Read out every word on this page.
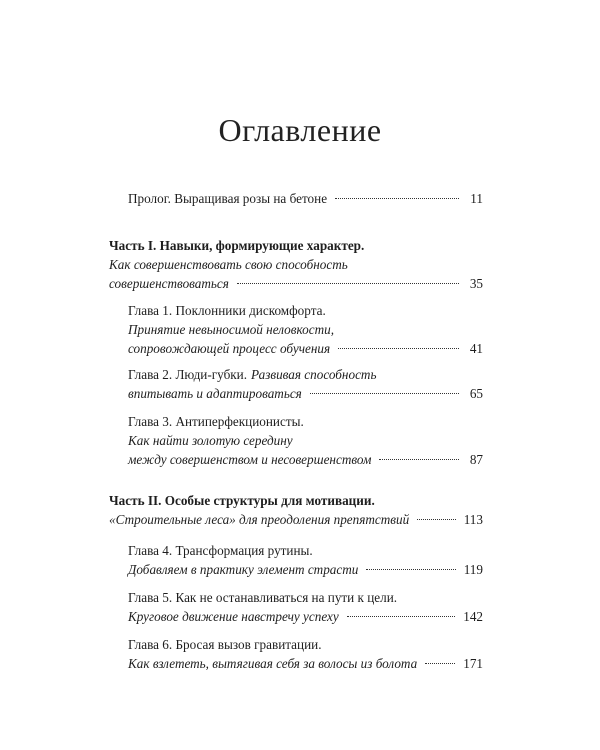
Оглавление
Пролог. Выращивая розы на бетоне	11
Часть I. Навыки, формирующие характер.
Как совершенствовать свою способность
совершенствоваться	35
Глава 1. Поклонники дискомфорта.
Принятие невыносимой неловкости,
сопровождающей процесс обучения	41
Глава 2. Люди-губки. Развивая способность
впитывать и адаптироваться	65
Глава 3. Антиперфекционисты.
Как найти золотую середину
между совершенством и несовершенством	87
Часть II. Особые структуры для мотивации.
«Строительные леса» для преодоления препятствий	113
Глава 4. Трансформация рутины.
Добавляем в практику элемент страсти	119
Глава 5. Как не останавливаться на пути к цели.
Круговое движение навстречу успеху	142
Глава 6. Бросая вызов гравитации.
Как взлететь, вытягивая себя за волосы из болота	171
